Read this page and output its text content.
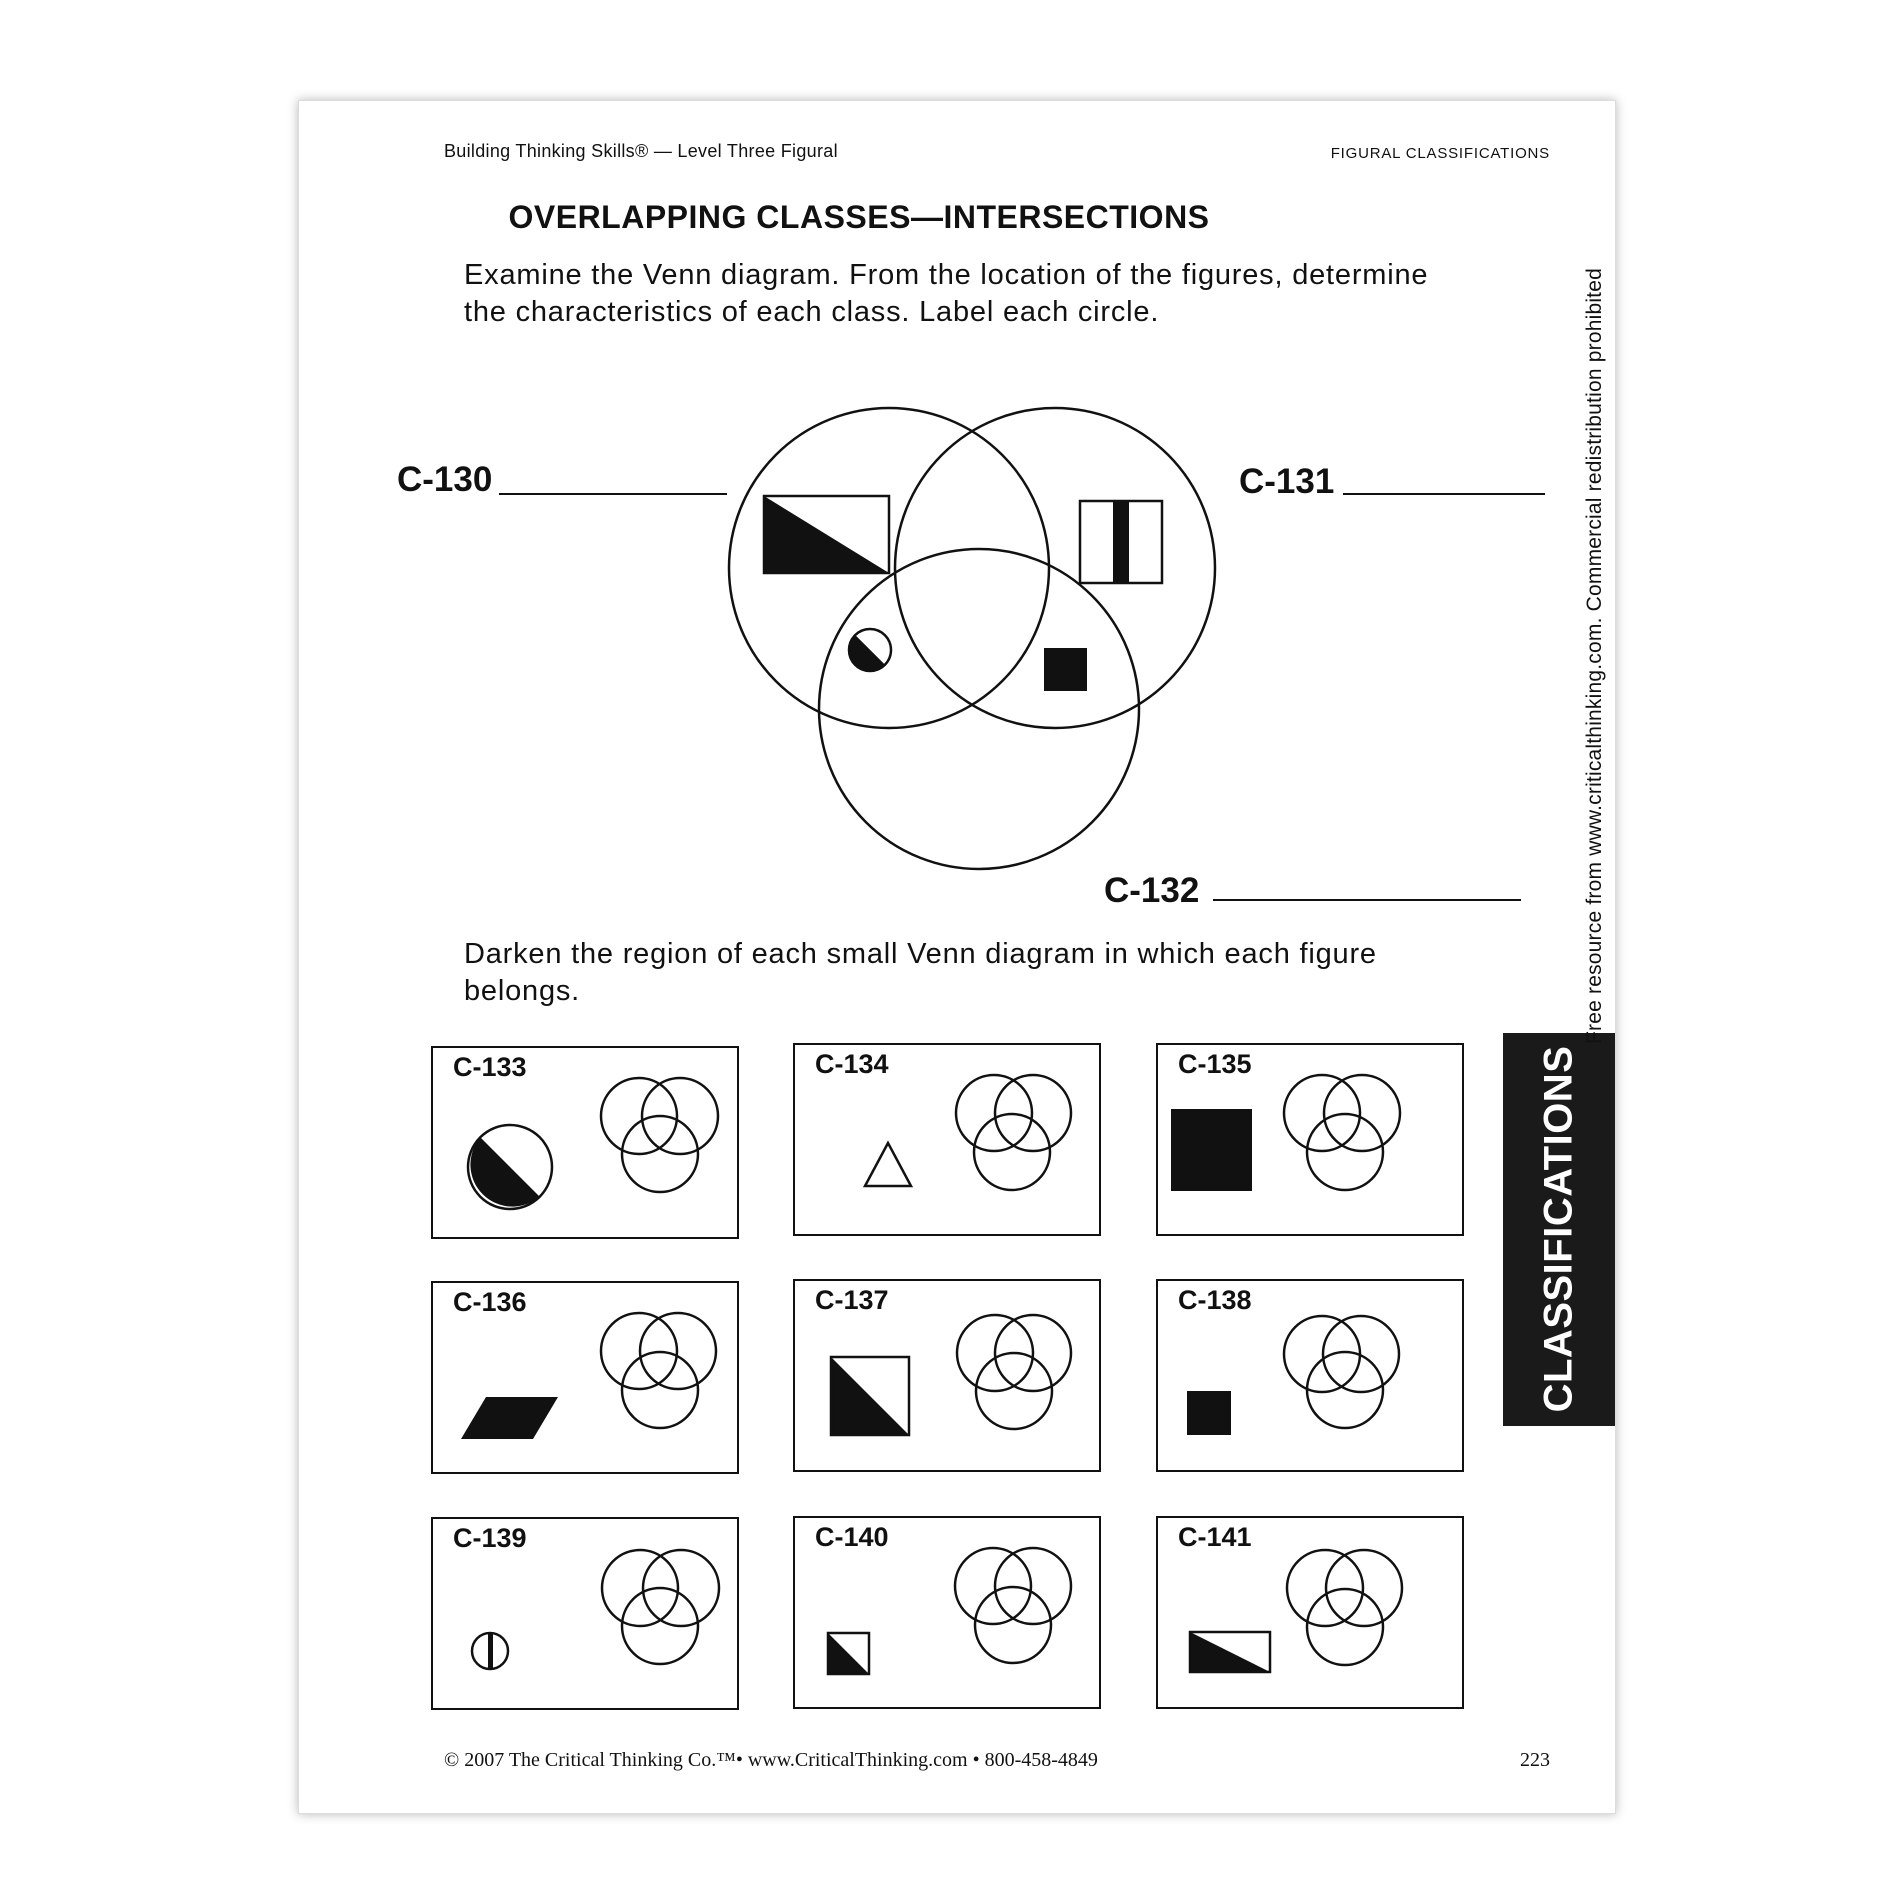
Building Thinking Skills® — Level Three Figural	FIGURAL CLASSIFICATIONS
OVERLAPPING CLASSES—INTERSECTIONS
Examine the Venn diagram. From the location of the figures, determine the characteristics of each class. Label each circle.
C-130	C-131
C-132
Darken the region of each small Venn diagram in which each figure belongs.
C-133	C-134	C-135
C-136	C-137	C-138
C-139	C-140	C-141
CLASSIFICATIONS
Free resource from www.criticalthinking.com. Commercial redistribution prohibited
© 2007 The Critical Thinking Co.™• www.CriticalThinking.com • 800-458-4849	223
